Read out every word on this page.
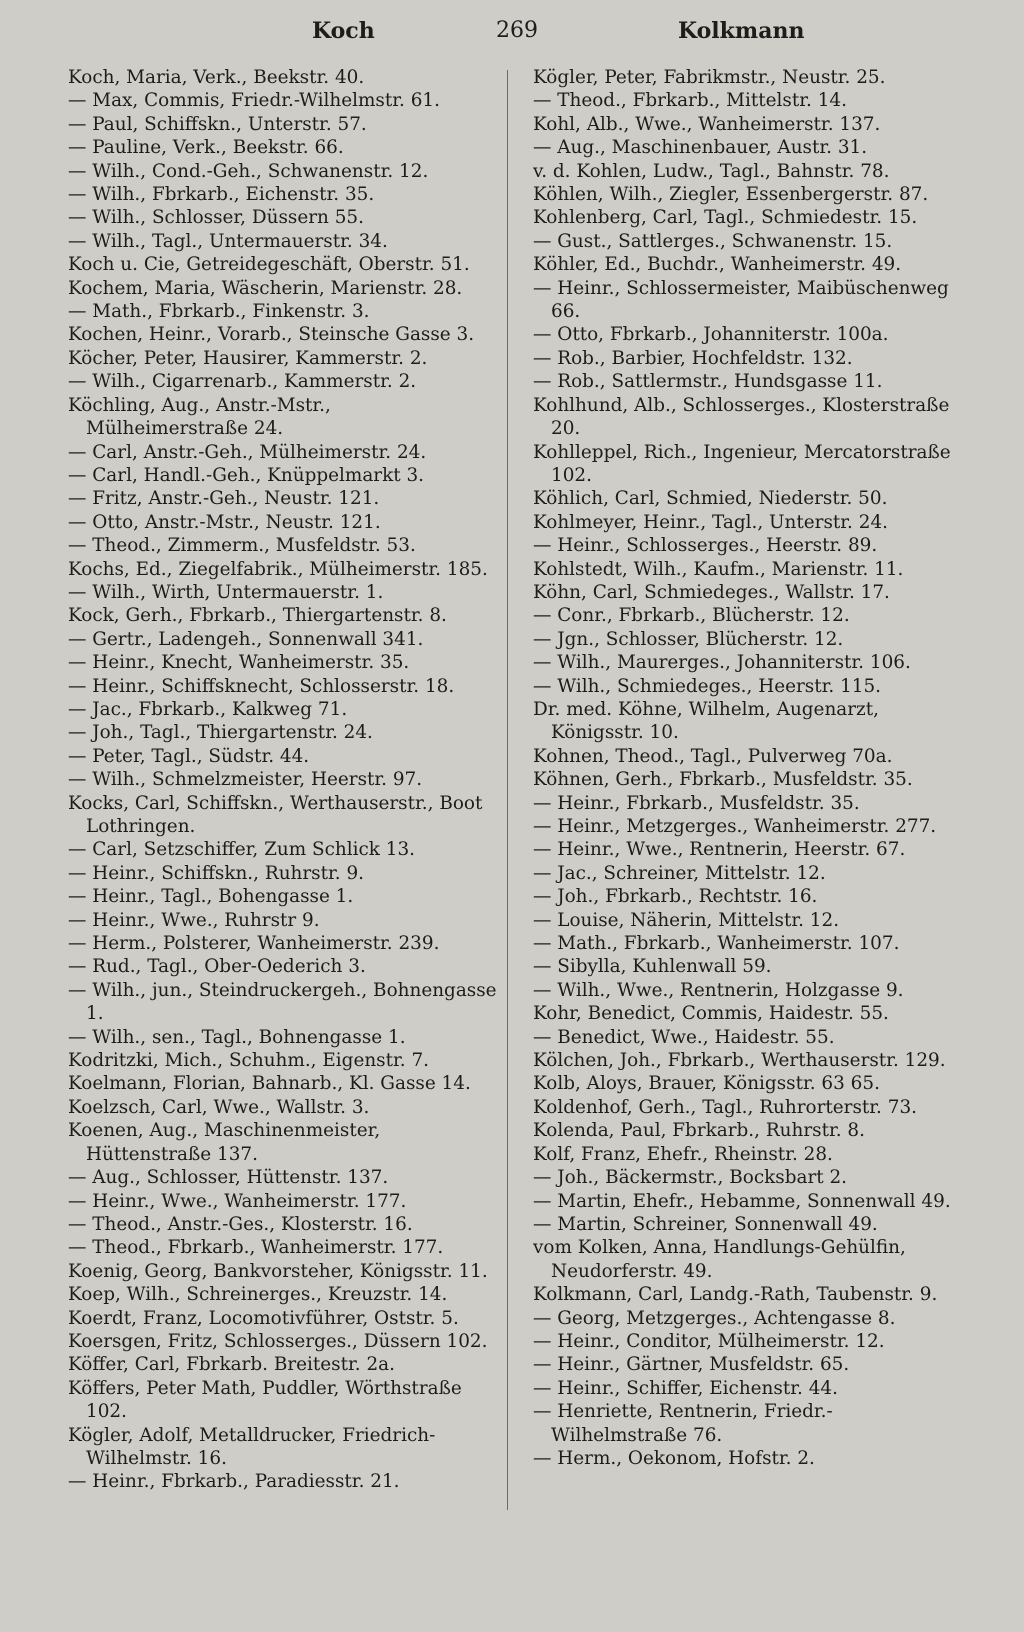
Koch	269	Kolkmann
Koch, Maria, Verk., Beekstr. 40.
— Max, Commis, Friedr.-Wilhelmstr. 61.
— Paul, Schiffskn., Unterstr. 57.
— Pauline, Verk., Beekstr. 66.
— Wilh., Cond.-Geh., Schwanenstr. 12.
— Wilh., Fbrkarb., Eichenstr. 35.
— Wilh., Schlosser, Düssern 55.
— Wilh., Tagl., Untermauerstr. 34.
Koch u. Cie, Getreidegeschäft, Oberstr. 51.
Kochem, Maria, Wäscherin, Marienstr. 28.
— Math., Fbrkarb., Finkenstr. 3.
Kochen, Heinr., Vorarb., Steinsche Gasse 3.
Köcher, Peter, Hausirer, Kammerstr. 2.
— Wilh., Cigarrenarb., Kammerstr. 2.
Köchling, Aug., Anstr.-Mstr., Mülheimerstraße 24.
— Carl, Anstr.-Geh., Mülheimerstr. 24.
— Carl, Handl.-Geh., Knüppelmarkt 3.
— Fritz, Anstr.-Geh., Neustr. 121.
— Otto, Anstr.-Mstr., Neustr. 121.
— Theod., Zimmerm., Musfeldstr. 53.
Kochs, Ed., Ziegelfabrik., Mülheimerstr. 185.
— Wilh., Wirth, Untermauerstr. 1.
Kock, Gerh., Fbrkarb., Thiergartenstr. 8.
— Gertr., Ladengeh., Sonnenwall 341.
— Heinr., Knecht, Wanheimerstr. 35.
— Heinr., Schiffsknecht, Schlosserstr. 18.
— Jac., Fbrkarb., Kalkweg 71.
— Joh., Tagl., Thiergartenstr. 24.
— Peter, Tagl., Südstr. 44.
— Wilh., Schmelzmeister, Heerstr. 97.
Kocks, Carl, Schiffskn., Werthauserstr., Boot Lothringen.
— Carl, Setzschiffer, Zum Schlick 13.
— Heinr., Schiffskn., Ruhrstr. 9.
— Heinr., Tagl., Bohengasse 1.
— Heinr., Wwe., Ruhrstr 9.
— Herm., Polsterer, Wanheimerstr. 239.
— Rud., Tagl., Ober-Oederich 3.
— Wilh., jun., Steindruckergeh., Bohnengasse 1.
— Wilh., sen., Tagl., Bohnengasse 1.
Kodritzki, Mich., Schuhm., Eigenstr. 7.
Koelmann, Florian, Bahnarb., Kl. Gasse 14.
Koelzsch, Carl, Wwe., Wallstr. 3.
Koenen, Aug., Maschinenmeister, Hüttenstraße 137.
— Aug., Schlosser, Hüttenstr. 137.
— Heinr., Wwe., Wanheimerstr. 177.
— Theod., Anstr.-Ges., Klosterstr. 16.
— Theod., Fbrkarb., Wanheimerstr. 177.
Koenig, Georg, Bankvorsteher, Königsstr. 11.
Koep, Wilh., Schreinerges., Kreuzstr. 14.
Koerdt, Franz, Locomotivführer, Oststr. 5.
Koersgen, Fritz, Schlosserges., Düssern 102.
Köffer, Carl, Fbrkarb. Breitestr. 2a.
Köffers, Peter Math, Puddler, Wörthstraße 102.
Kögler, Adolf, Metalldrucker, Friedrich-Wilhelmstr. 16.
— Heinr., Fbrkarb., Paradiesstr. 21.
Kögler, Peter, Fabrikmstr., Neustr. 25.
— Theod., Fbrkarb., Mittelstr. 14.
Kohl, Alb., Wwe., Wanheimerstr. 137.
— Aug., Maschinenbauer, Austr. 31.
v. d. Kohlen, Ludw., Tagl., Bahnstr. 78.
Köhlen, Wilh., Ziegler, Essenbergerstr. 87.
Kohlenberg, Carl, Tagl., Schmiedestr. 15.
— Gust., Sattlerges., Schwanenstr. 15.
Köhler, Ed., Buchdr., Wanheimerstr. 49.
— Heinr., Schlossermeister, Maibüschenweg 66.
— Otto, Fbrkarb., Johanniterstr. 100a.
— Rob., Barbier, Hochfeldstr. 132.
— Rob., Sattlermstr., Hundsgasse 11.
Kohlhund, Alb., Schlosserges., Klosterstraße 20.
Kohlleppel, Rich., Ingenieur, Mercatorstraße 102.
Köhlich, Carl, Schmied, Niederstr. 50.
Kohlmeyer, Heinr., Tagl., Unterstr. 24.
— Heinr., Schlosserges., Heerstr. 89.
Kohlstedt, Wilh., Kaufm., Marienstr. 11.
Köhn, Carl, Schmiedeges., Wallstr. 17.
— Conr., Fbrkarb., Blücherstr. 12.
— Jgn., Schlosser, Blücherstr. 12.
— Wilh., Maurerges., Johanniterstr. 106.
— Wilh., Schmiedeges., Heerstr. 115.
Dr. med. Köhne, Wilhelm, Augenarzt, Königsstr. 10.
Kohnen, Theod., Tagl., Pulverweg 70a.
Köhnen, Gerh., Fbrkarb., Musfeldstr. 35.
— Heinr., Fbrkarb., Musfeldstr. 35.
— Heinr., Metzgerges., Wanheimerstr. 277.
— Heinr., Wwe., Rentnerin, Heerstr. 67.
— Jac., Schreiner, Mittelstr. 12.
— Joh., Fbrkarb., Rechtstr. 16.
— Louise, Näherin, Mittelstr. 12.
— Math., Fbrkarb., Wanheimerstr. 107.
— Sibylla, Kuhlenwall 59.
— Wilh., Wwe., Rentnerin, Holzgasse 9.
Kohr, Benedict, Commis, Haidestr. 55.
— Benedict, Wwe., Haidestr. 55.
Kölchen, Joh., Fbrkarb., Werthauserstr. 129.
Kolb, Aloys, Brauer, Königsstr. 63 65.
Koldenhof, Gerh., Tagl., Ruhrorterstr. 73.
Kolenda, Paul, Fbrkarb., Ruhrstr. 8.
Kolf, Franz, Ehefr., Rheinstr. 28.
— Joh., Bäckermstr., Bocksbart 2.
— Martin, Ehefr., Hebamme, Sonnenwall 49.
— Martin, Schreiner, Sonnenwall 49.
vom Kolken, Anna, Handlungs-Gehülfin, Neudorferstr. 49.
Kolkmann, Carl, Landg.-Rath, Taubenstr. 9.
— Georg, Metzgerges., Achtengasse 8.
— Heinr., Conditor, Mülheimerstr. 12.
— Heinr., Gärtner, Musfeldstr. 65.
— Heinr., Schiffer, Eichenstr. 44.
— Henriette, Rentnerin, Friedr.-Wilhelmstraße 76.
— Herm., Oekonom, Hofstr. 2.
